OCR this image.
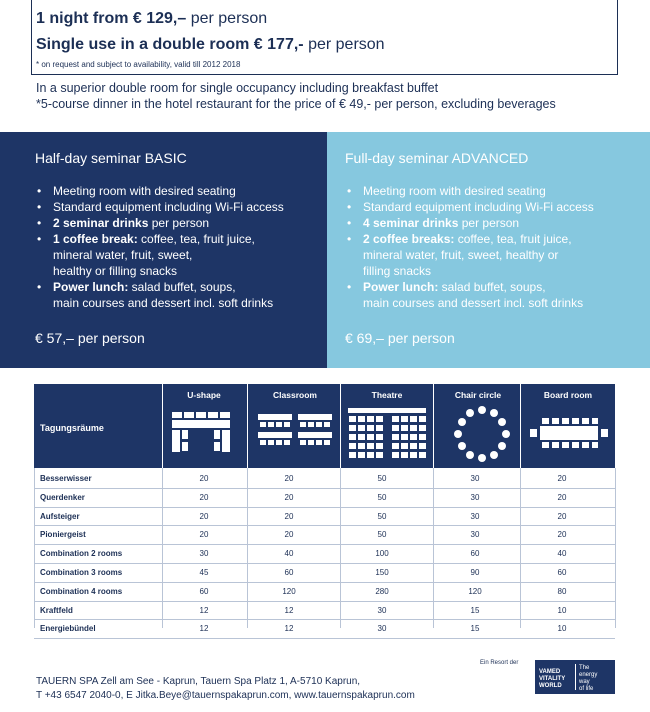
1 night from € 129,– per person
Single use in a double room € 177,- per person
* on request and subject to availability, valid till 2012 2018
In a superior double room for single occupancy including breakfast buffet
*5-course dinner in the hotel restaurant for the price of € 49,- per person, excluding beverages
Half-day seminar BASIC
• Meeting room with desired seating
• Standard equipment including Wi-Fi access
• 2 seminar drinks per person
• 1 coffee break: coffee, tea, fruit juice,
mineral water, fruit, sweet,
healthy or filling snacks
• Power lunch: salad buffet, soups,
main courses and dessert incl. soft drinks
€ 57,– per person
Full-day seminar ADVANCED
• Meeting room with desired seating
• Standard equipment including Wi-Fi access
• 4 seminar drinks per person
• 2 coffee breaks: coffee, tea, fruit juice,
mineral water, fruit, sweet, healthy or
filling snacks
• Power lunch: salad buffet, soups,
main courses and dessert incl. soft drinks
€ 69,– per person
Tagungsräume
U-shape	Classroom	Theatre	Chair circle	Board room
Besserwisser	20	20	50	30	20
Querdenker	20	20	50	30	20
Aufsteiger	20	20	50	30	20
Pioniergeist	20	20	50	30	20
Combination 2 rooms	30	40	100	60	40
Combination 3 rooms	45	60	150	90	60
Combination 4 rooms	60	120	280	120	80
Kraftfeld	12	12	30	15	10
Energiebündel	12	12	30	15	10
TAUERN SPA Zell am See - Kaprun, Tauern Spa Platz 1, A-5710 Kaprun,
T +43 6547 2040-0, E Jitka.Beye@tauernspakaprun.com, www.tauernspakaprun.com
Ein Resort der
VAMED
VITALITY
WORLD
The
energy
way
of life
